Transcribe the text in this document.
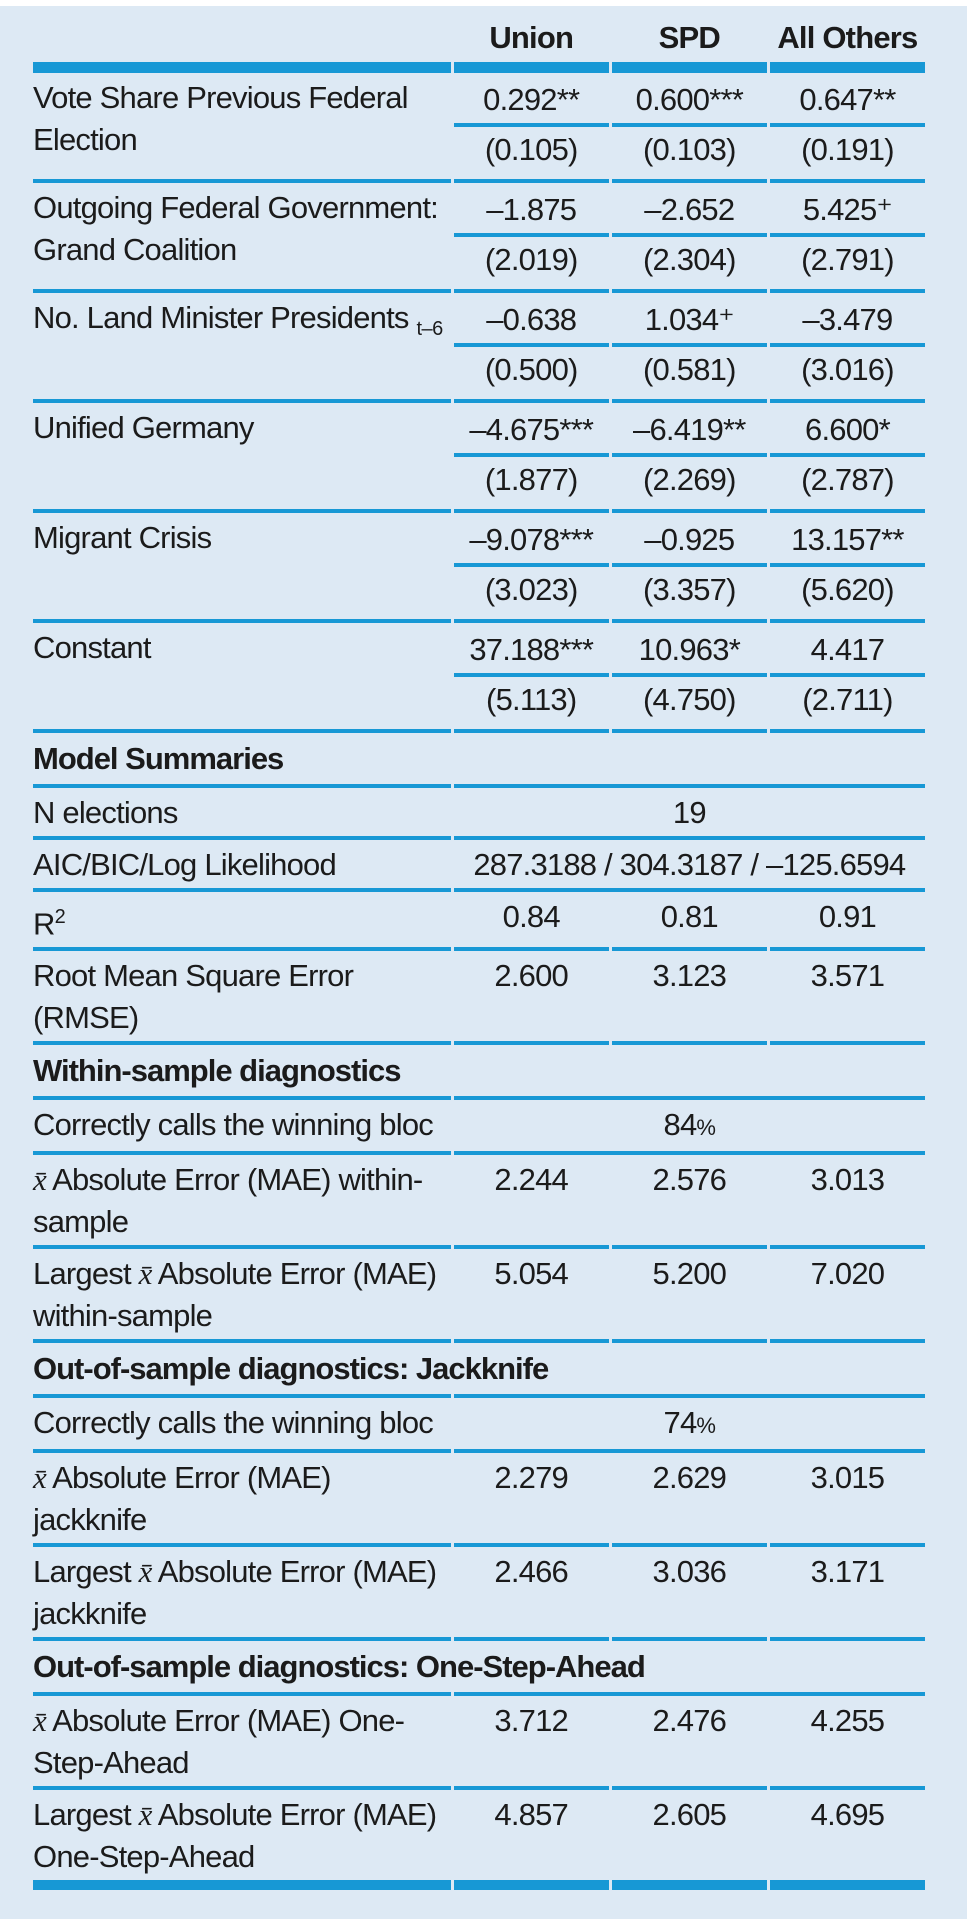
	Union	SPD	All Others
Vote Share Previous Federal Election	0.292**	0.600***	0.647**
	(0.105)	(0.103)	(0.191)
Outgoing Federal Government: Grand Coalition	–1.875	–2.652	5.425⁺
	(2.019)	(2.304)	(2.791)
No. Land Minister Presidents $_{t-6}$	–0.638	1.034⁺	–3.479
	(0.500)	(0.581)	(3.016)
Unified Germany	–4.675***	–6.419**	6.600*
	(1.877)	(2.269)	(2.787)
Migrant Crisis	–9.078***	–0.925	13.157**
	(3.023)	(3.357)	(5.620)
Constant	37.188***	10.963*	4.417
	(5.113)	(4.750)	(2.711)
Model Summaries			
N elections	19		
AIC/BIC/Log Likelihood	287.3188 / 304.3187 / –125.6594		
$R^2$	0.84	0.81	0.91
Root Mean Square Error (RMSE)	2.600	3.123	3.571
Within-sample diagnostics			
Correctly calls the winning bloc	84%		
x̄ Absolute Error (MAE) within-sample	2.244	2.576	3.013
Largest x̄ Absolute Error (MAE) within-sample	5.054	5.200	7.020
Out-of-sample diagnostics: Jackknife			
Correctly calls the winning bloc	74%		
x̄ Absolute Error (MAE) jackknife	2.279	2.629	3.015
Largest x̄ Absolute Error (MAE) jackknife	2.466	3.036	3.171
Out-of-sample diagnostics: One-Step-Ahead			
x̄ Absolute Error (MAE) One-Step-Ahead	3.712	2.476	4.255
Largest x̄ Absolute Error (MAE) One-Step-Ahead	4.857	2.605	4.695
